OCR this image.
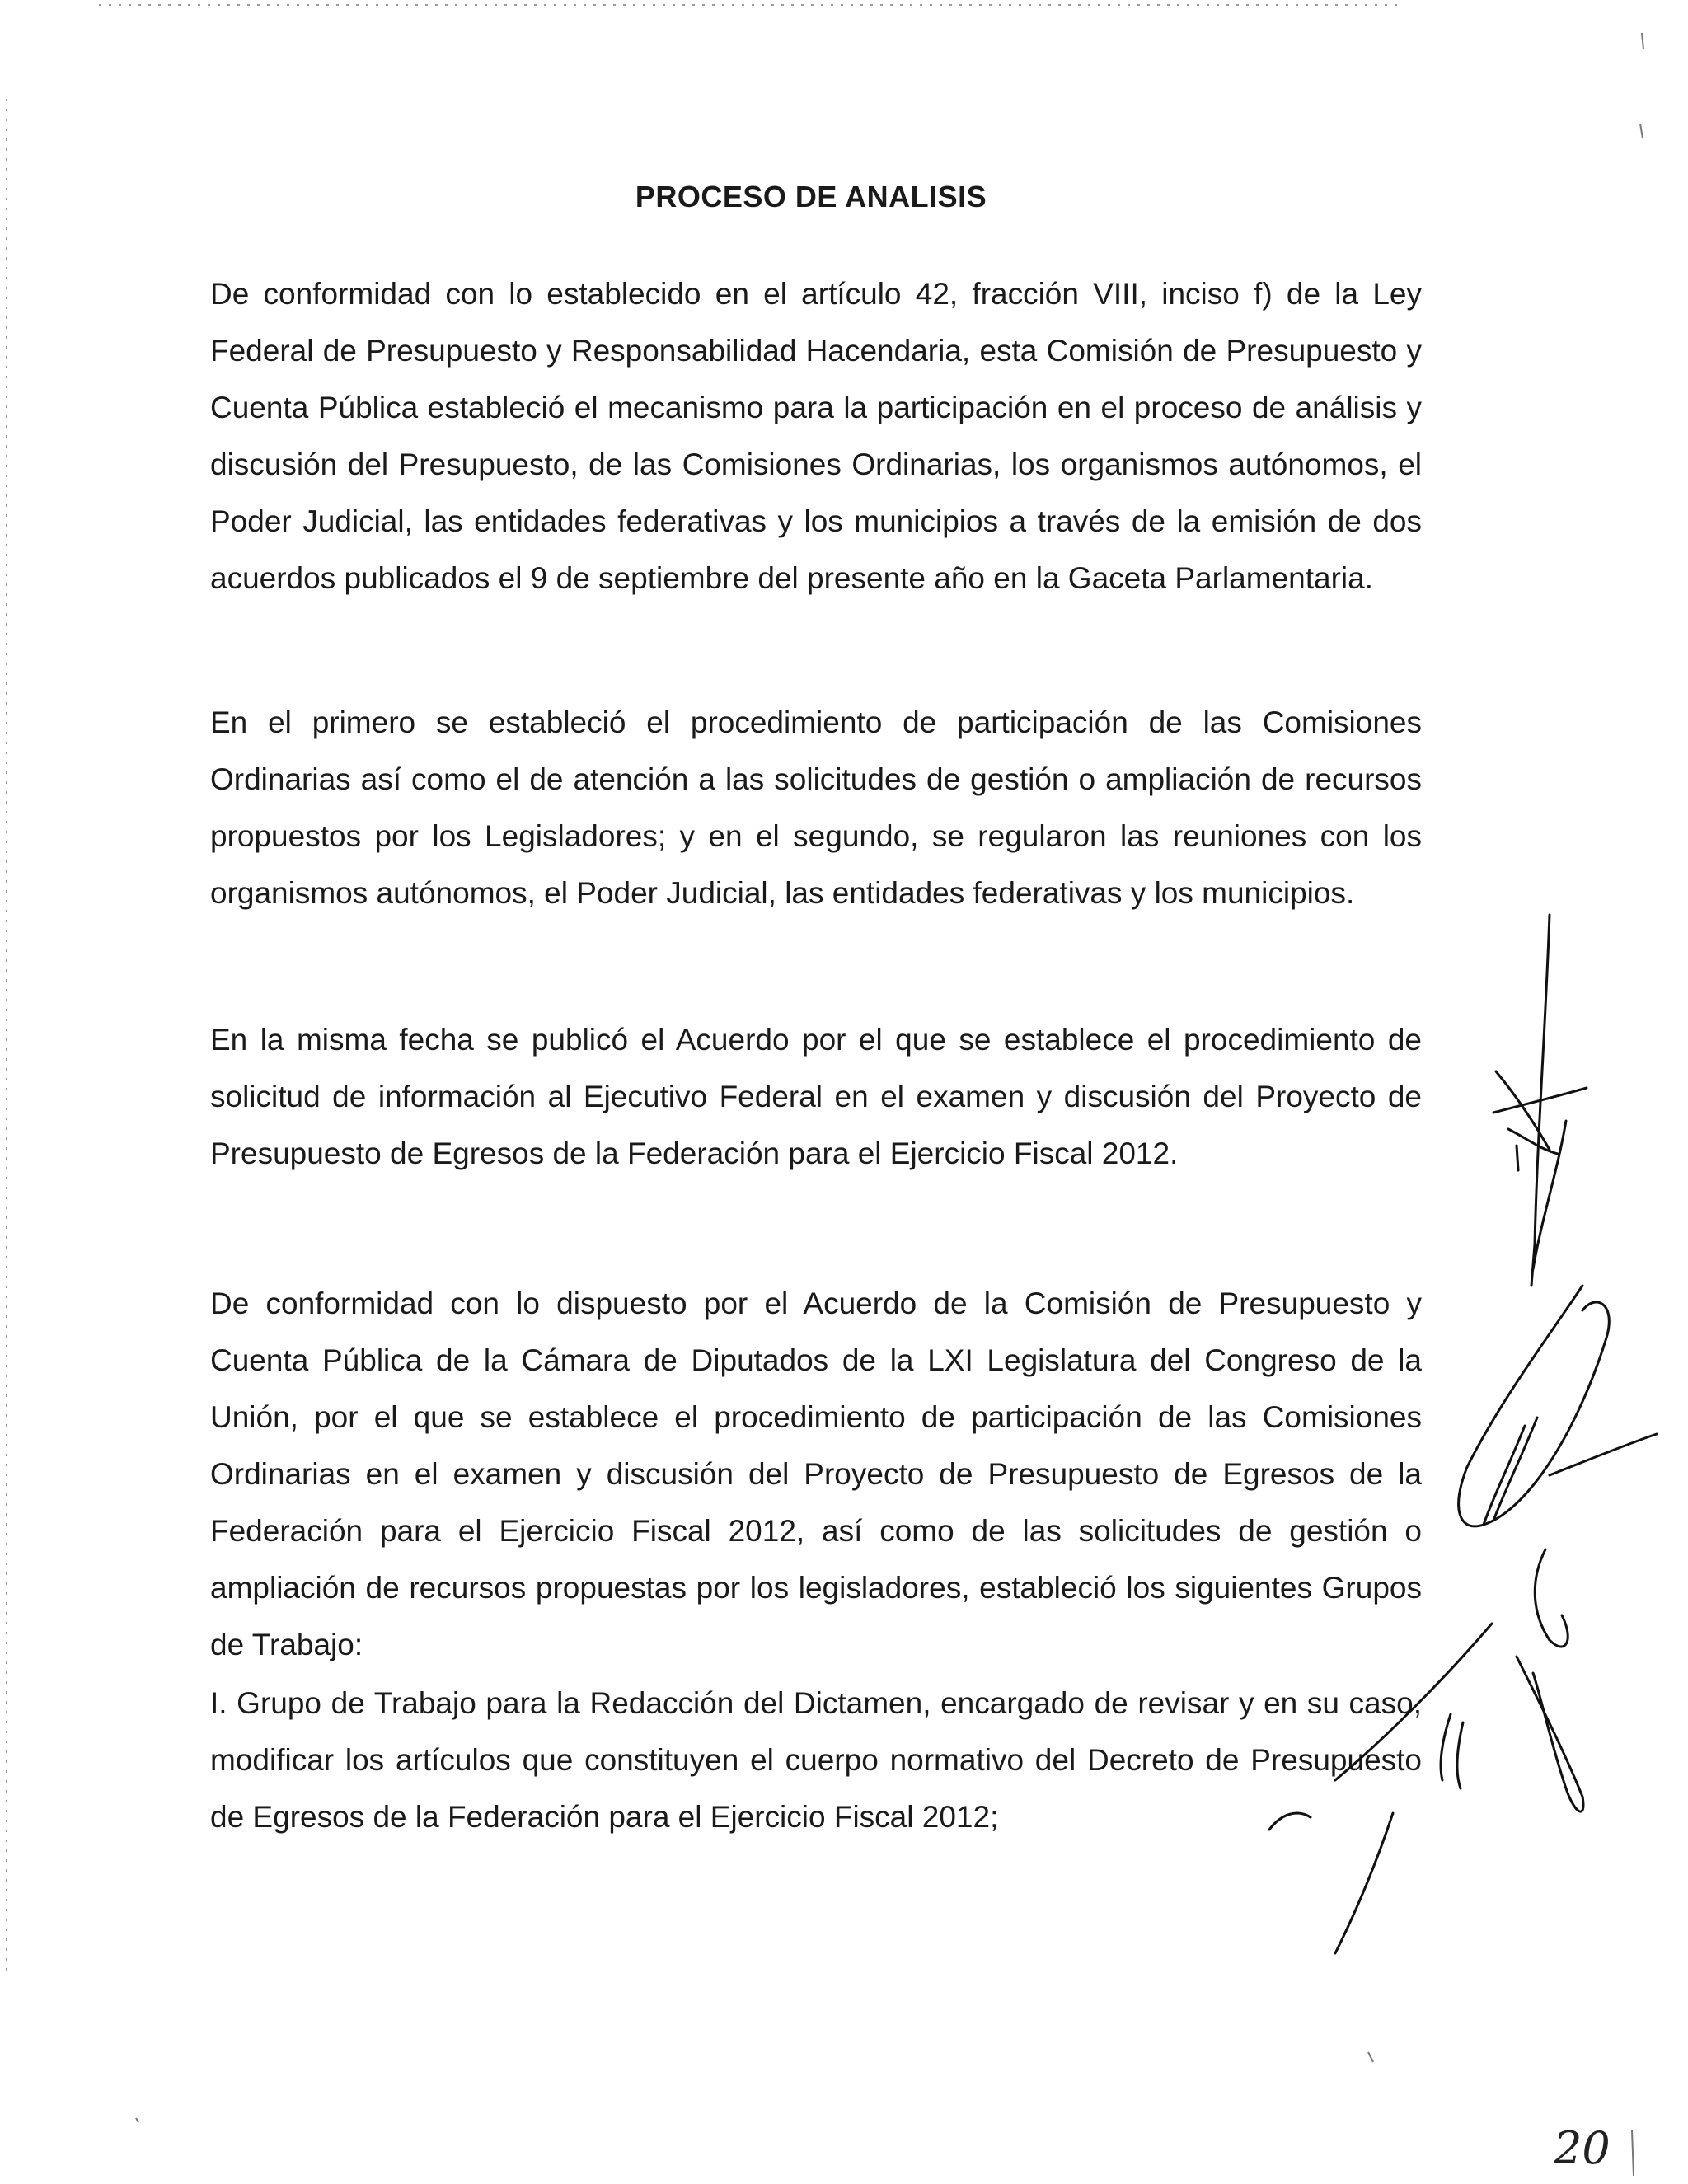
PROCESO DE ANALISIS

De conformidad con lo establecido en el artículo 42, fracción VIII, inciso f) de la Ley Federal de Presupuesto y Responsabilidad Hacendaria, esta Comisión de Presupuesto y Cuenta Pública estableció el mecanismo para la participación en el proceso de análisis y discusión del Presupuesto, de las Comisiones Ordinarias, los organismos autónomos, el Poder Judicial, las entidades federativas y los municipios a través de la emisión de dos acuerdos publicados el 9 de septiembre del presente año en la Gaceta Parlamentaria.

En el primero se estableció el procedimiento de participación de las Comisiones Ordinarias así como el de atención a las solicitudes de gestión o ampliación de recursos propuestos por los Legisladores; y en el segundo, se regularon las reuniones con los organismos autónomos, el Poder Judicial, las entidades federativas y los municipios.

En la misma fecha se publicó el Acuerdo por el que se establece el procedimiento de solicitud de información al Ejecutivo Federal en el examen y discusión del Proyecto de Presupuesto de Egresos de la Federación para el Ejercicio Fiscal 2012.

De conformidad con lo dispuesto por el Acuerdo de la Comisión de Presupuesto y Cuenta Pública de la Cámara de Diputados de la LXI Legislatura del Congreso de la Unión, por el que se establece el procedimiento de participación de las Comisiones Ordinarias en el examen y discusión del Proyecto de Presupuesto de Egresos de la Federación para el Ejercicio Fiscal 2012, así como de las solicitudes de gestión o ampliación de recursos propuestas por los legisladores, estableció los siguientes Grupos de Trabajo:

I. Grupo de Trabajo para la Redacción del Dictamen, encargado de revisar y en su caso, modificar los artículos que constituyen el cuerpo normativo del Decreto de Presupuesto de Egresos de la Federación para el Ejercicio Fiscal 2012;

20
